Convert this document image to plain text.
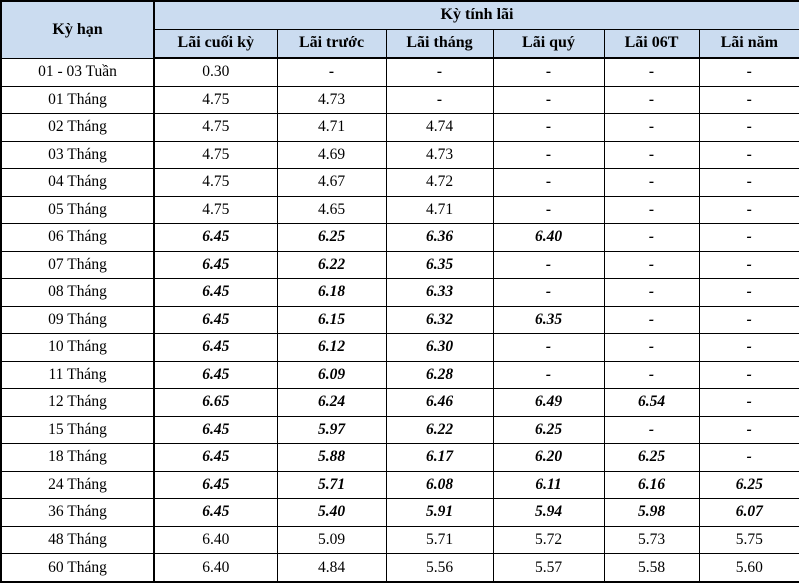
Kỳ hạn	Kỳ tính lãi					
	Lãi cuối kỳ	Lãi trước	Lãi tháng	Lãi quý	Lãi 06T	Lãi năm
01 - 03 Tuần	0.30	-	-	-	-	-
01 Tháng	4.75	4.73	-	-	-	-
02 Tháng	4.75	4.71	4.74	-	-	-
03 Tháng	4.75	4.69	4.73	-	-	-
04 Tháng	4.75	4.67	4.72	-	-	-
05 Tháng	4.75	4.65	4.71	-	-	-
06 Tháng	6.45	6.25	6.36	6.40	-	-
07 Tháng	6.45	6.22	6.35	-	-	-
08 Tháng	6.45	6.18	6.33	-	-	-
09 Tháng	6.45	6.15	6.32	6.35	-	-
10 Tháng	6.45	6.12	6.30	-	-	-
11 Tháng	6.45	6.09	6.28	-	-	-
12 Tháng	6.65	6.24	6.46	6.49	6.54	-
15 Tháng	6.45	5.97	6.22	6.25	-	-
18 Tháng	6.45	5.88	6.17	6.20	6.25	-
24 Tháng	6.45	5.71	6.08	6.11	6.16	6.25
36 Tháng	6.45	5.40	5.91	5.94	5.98	6.07
48 Tháng	6.40	5.09	5.71	5.72	5.73	5.75
60 Tháng	6.40	4.84	5.56	5.57	5.58	5.60
